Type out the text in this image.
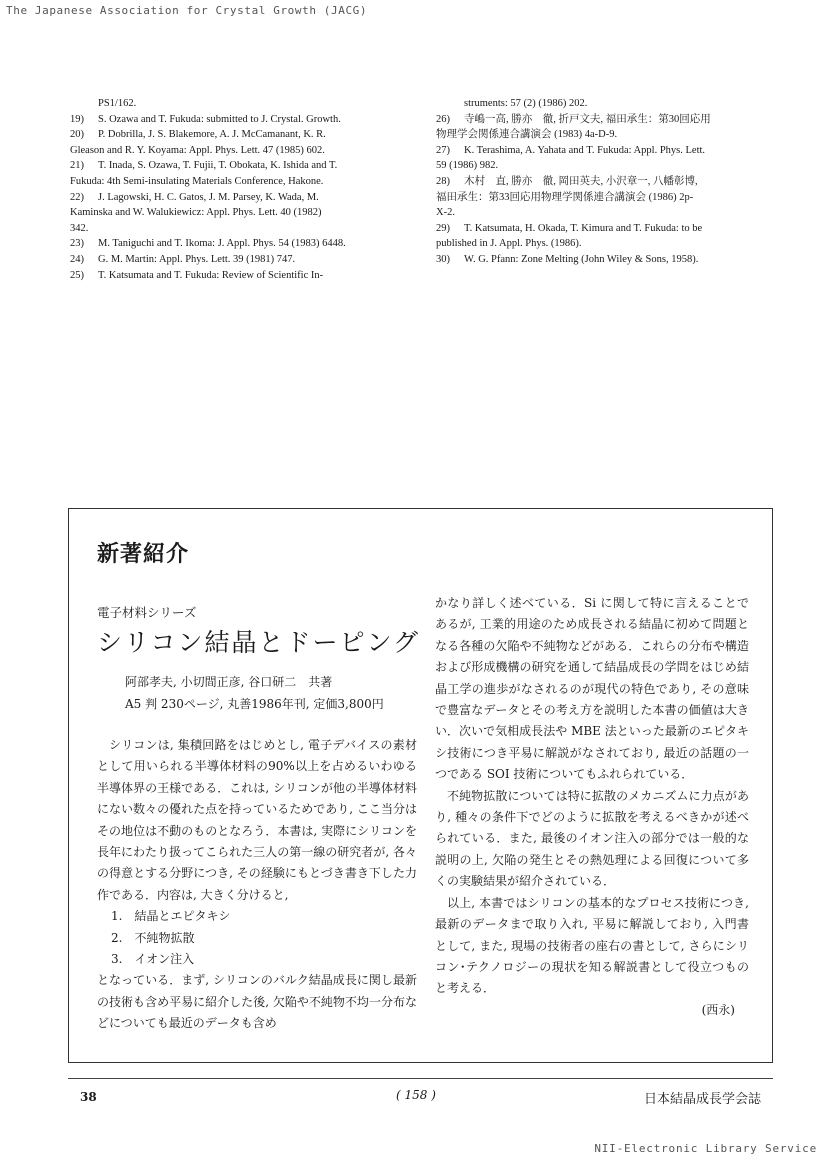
The Japanese Association for Crystal Growth (JACG)
PS1/162.
19)	S. Ozawa and T. Fukuda: submitted to J. Crystal. Growth.
20)	P. Dobrilla, J. S. Blakemore, A. J. McCamanant, K. R.
Gleason and R. Y. Koyama: Appl. Phys. Lett. 47 (1985) 602.
21)	T. Inada, S. Ozawa, T. Fujii, T. Obokata, K. Ishida and T.
Fukuda: 4th Semi-insulating Materials Conference, Hakone.
22)	J. Lagowski, H. C. Gatos, J. M. Parsey, K. Wada, M.
Kaminska and W. Walukiewicz: Appl. Phys. Lett. 40 (1982)
342.
23)	M. Taniguchi and T. Ikoma: J. Appl. Phys. 54 (1983) 6448.
24)	G. M. Martin: Appl. Phys. Lett. 39 (1981) 747.
25)	T. Katsumata and T. Fukuda: Review of Scientific In-
struments: 57 (2) (1986) 202.
26)	寺嶋一高, 勝亦　徹, 折戸文夫, 福田承生：第30回応用
物理学会関係連合講演会 (1983) 4a-D-9.
27)	K. Terashima, A. Yahata and T. Fukuda: Appl. Phys. Lett.
59 (1986) 982.
28)	木村　直, 勝亦　徹, 岡田英夫, 小沢章一, 八幡彰博,
福田承生：第33回応用物理学関係連合講演会 (1986) 2p-
X-2.
29)	T. Katsumata, H. Okada, T. Kimura and T. Fukuda: to be
published in J. Appl. Phys. (1986).
30)	W. G. Pfann: Zone Melting (John Wiley & Sons, 1958).
新著紹介
電子材料シリーズ
シリコン結晶とドーピング
阿部孝夫, 小切間正彦, 谷口研二　共著
A5 判 230ページ, 丸善1986年刊, 定価3,800円

シリコンは, 集積回路をはじめとし, 電子デバイスの素材として用いられる半導体材料の90%以上を占めるいわゆる半導体界の王様である．これは, シリコンが他の半導体材料にない数々の優れた点を持っているためであり, ここ当分はその地位は不動のものとなろう．本書は, 実際にシリコンを長年にわたり扱ってこられた三人の第一線の研究者が, 各々の得意とする分野につき, その経験にもとづき書き下した力作である．内容は, 大きく分けると,

1.　結晶とエピタキシ

2.　不純物拡散

3.　イオン注入

となっている．まず, シリコンのバルク結晶成長に関し最新の技術も含め平易に紹介した後, 欠陥や不純物不均一分布などについても最近のデータも含め

かなり詳しく述べている．Si に関して特に言えることであるが, 工業的用途のため成長される結晶に初めて問題となる各種の欠陥や不純物などがある．これらの分布や構造および形成機構の研究を通して結晶成長の学問をはじめ結晶工学の進歩がなされるのが現代の特色であり, その意味で豊富なデータとその考え方を説明した本書の価値は大きい．次いで気相成長法や MBE 法といった最新のエピタキシ技術につき平易に解説がなされており, 最近の話題の一つである SOI 技術についてもふれられている．

不純物拡散については特に拡散のメカニズムに力点があり, 種々の条件下でどのように拡散を考えるべきかが述べられている．また, 最後のイオン注入の部分では一般的な説明の上, 欠陥の発生とその熱処理による回復について多くの実験結果が紹介されている．

以上, 本書ではシリコンの基本的なプロセス技術につき, 最新のデータまで取り入れ, 平易に解説しており, 入門書として, また, 現場の技術者の座右の書として, さらにシリコン･テクノロジーの現状を知る解説書として役立つものと考える．

(西永)

38	( 158 )	日本結晶成長学会誌
NII-Electronic Library Service
